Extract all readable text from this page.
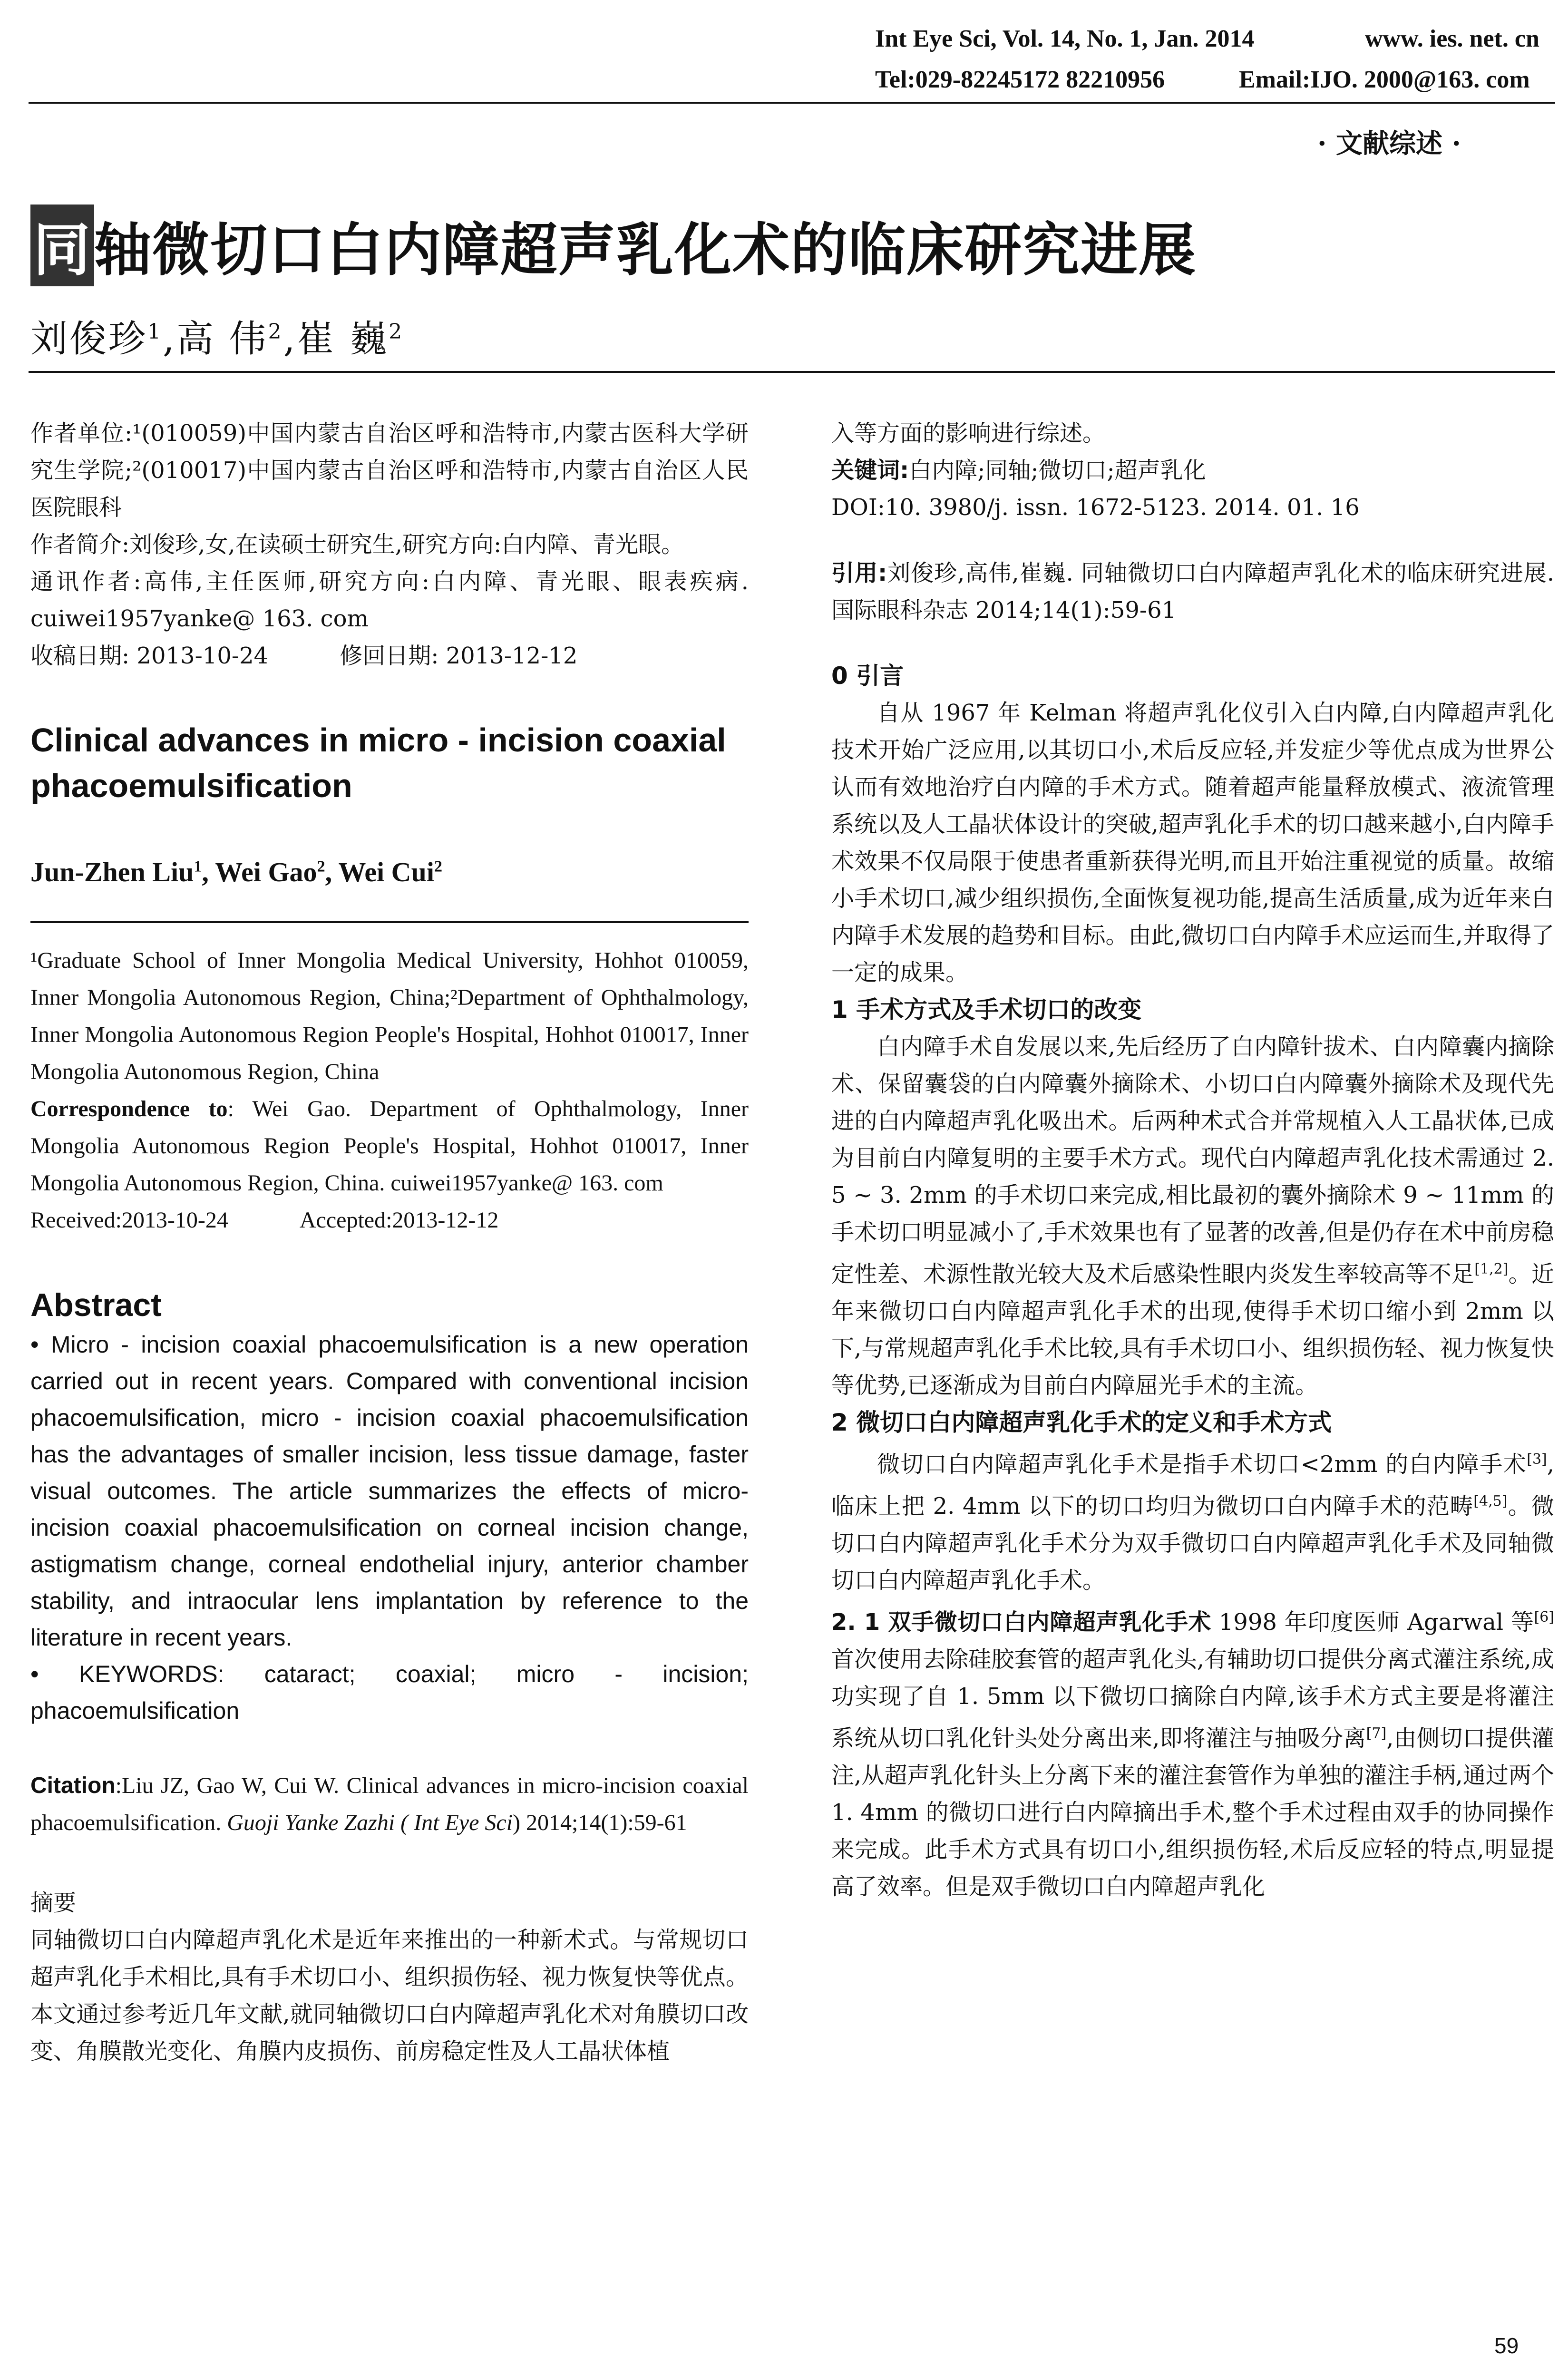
Int Eye Sci, Vol. 14, No. 1, Jan. 2014	www. ies. net. cn
Tel:029-82245172 82210956	Email:IJO. 2000@163. com
· 文献综述 ·
同轴微切口白内障超声乳化术的临床研究进展
刘俊珍$^1$,高 伟$^2$,崔 巍$^2$
作者单位:¹(010059)中国内蒙古自治区呼和浩特市,内蒙古医科大学研究生学院;²(010017)中国内蒙古自治区呼和浩特市,内蒙古自治区人民医院眼科
作者简介:刘俊珍,女,在读硕士研究生,研究方向:白内障、青光眼。
通讯作者:高伟,主任医师,研究方向:白内障、青光眼、眼表疾病. cuiwei1957yanke@ 163. com
收稿日期: 2013-10-24	修回日期: 2013-12-12
Clinical advances in micro - incision coaxial phacoemulsification
Jun-Zhen Liu$^1$, Wei Gao$^2$, Wei Cui$^2$
¹Graduate School of Inner Mongolia Medical University, Hohhot 010059, Inner Mongolia Autonomous Region, China;²Department of Ophthalmology, Inner Mongolia Autonomous Region People's Hospital, Hohhot 010017, Inner Mongolia Autonomous Region, China
Correspondence to: Wei Gao. Department of Ophthalmology, Inner Mongolia Autonomous Region People's Hospital, Hohhot 010017, Inner Mongolia Autonomous Region, China. cuiwei1957yanke@ 163. com
Received:2013-10-24	Accepted:2013-12-12
Abstract
• Micro - incision coaxial phacoemulsification is a new operation carried out in recent years. Compared with conventional incision phacoemulsification, micro - incision coaxial phacoemulsification has the advantages of smaller incision, less tissue damage, faster visual outcomes. The article summarizes the effects of micro-incision coaxial phacoemulsification on corneal incision change, astigmatism change, corneal endothelial injury, anterior chamber stability, and intraocular lens implantation by reference to the literature in recent years.
• KEYWORDS: cataract; coaxial; micro - incision; phacoemulsification
Citation:Liu JZ, Gao W, Cui W. Clinical advances in micro-incision coaxial phacoemulsification. Guoji Yanke Zazhi ( Int Eye Sci) 2014;14(1):59-61
摘要
同轴微切口白内障超声乳化术是近年来推出的一种新术式。与常规切口超声乳化手术相比,具有手术切口小、组织损伤轻、视力恢复快等优点。本文通过参考近几年文献,就同轴微切口白内障超声乳化术对角膜切口改变、角膜散光变化、角膜内皮损伤、前房稳定性及人工晶状体植
入等方面的影响进行综述。
关键词:白内障;同轴;微切口;超声乳化
DOI:10. 3980/j. issn. 1672-5123. 2014. 01. 16
引用:刘俊珍,高伟,崔巍. 同轴微切口白内障超声乳化术的临床研究进展. 国际眼科杂志 2014;14(1):59-61
0 引言
自从 1967 年 Kelman 将超声乳化仪引入白内障,白内障超声乳化技术开始广泛应用,以其切口小,术后反应轻,并发症少等优点成为世界公认而有效地治疗白内障的手术方式。随着超声能量释放模式、液流管理系统以及人工晶状体设计的突破,超声乳化手术的切口越来越小,白内障手术效果不仅局限于使患者重新获得光明,而且开始注重视觉的质量。故缩小手术切口,减少组织损伤,全面恢复视功能,提高生活质量,成为近年来白内障手术发展的趋势和目标。由此,微切口白内障手术应运而生,并取得了一定的成果。
1 手术方式及手术切口的改变
白内障手术自发展以来,先后经历了白内障针拔术、白内障囊内摘除术、保留囊袋的白内障囊外摘除术、小切口白内障囊外摘除术及现代先进的白内障超声乳化吸出术。后两种术式合并常规植入人工晶状体,已成为目前白内障复明的主要手术方式。现代白内障超声乳化技术需通过 2. 5 ~ 3. 2mm 的手术切口来完成,相比最初的囊外摘除术 9 ~ 11mm 的手术切口明显减小了,手术效果也有了显著的改善,但是仍存在术中前房稳定性差、术源性散光较大及术后感染性眼内炎发生率较高等不足[1,2]。近年来微切口白内障超声乳化手术的出现,使得手术切口缩小到 2mm 以下,与常规超声乳化手术比较,具有手术切口小、组织损伤轻、视力恢复快等优势,已逐渐成为目前白内障屈光手术的主流。
2 微切口白内障超声乳化手术的定义和手术方式
微切口白内障超声乳化手术是指手术切口<2mm 的白内障手术[3],临床上把 2. 4mm 以下的切口均归为微切口白内障手术的范畴[4,5]。微切口白内障超声乳化手术分为双手微切口白内障超声乳化手术及同轴微切口白内障超声乳化手术。
2. 1 双手微切口白内障超声乳化手术 1998 年印度医师 Agarwal 等[6]首次使用去除硅胶套管的超声乳化头,有辅助切口提供分离式灌注系统,成功实现了自 1. 5mm 以下微切口摘除白内障,该手术方式主要是将灌注系统从切口乳化针头处分离出来,即将灌注与抽吸分离[7],由侧切口提供灌注,从超声乳化针头上分离下来的灌注套管作为单独的灌注手柄,通过两个 1. 4mm 的微切口进行白内障摘出手术,整个手术过程由双手的协同操作来完成。此手术方式具有切口小,组织损伤轻,术后反应轻的特点,明显提高了效率。但是双手微切口白内障超声乳化
59
